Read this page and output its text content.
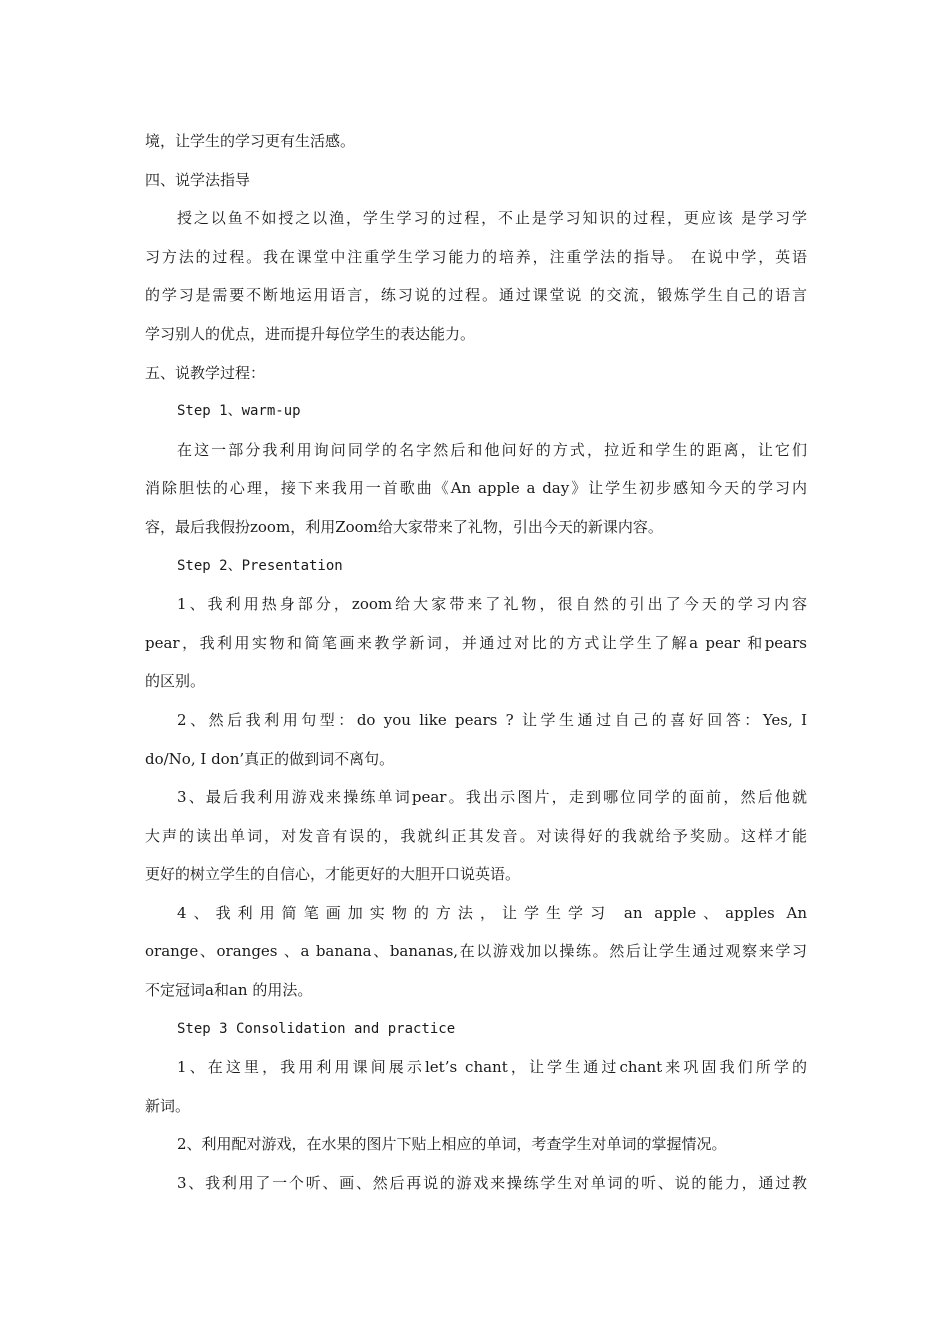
境，让学生的学习更有生活感。
四、说学法指导
授之以鱼不如授之以渔，学生学习的过程，不止是学习知识的过程，更应该 是学习学
习方法的过程。我在课堂中注重学生学习能力的培养，注重学法的指导。 在说中学，英语
的学习是需要不断地运用语言，练习说的过程。通过课堂说 的交流，锻炼学生自己的语言
学习别人的优点，进而提升每位学生的表达能力。
五、说教学过程：
Step 1、warm-up
在这一部分我利用询问同学的名字然后和他问好的方式，拉近和学生的距离，让它们
消除胆怯的心理，接下来我用一首歌曲《An apple a day》让学生初步感知今天的学习内
容，最后我假扮zoom，利用Zoom给大家带来了礼物，引出今天的新课内容。
Step 2、Presentation
1、我利用热身部分，zoom给大家带来了礼物，很自然的引出了今天的学习内容
pear，我利用实物和简笔画来教学新词，并通过对比的方式让学生了解a pear 和pears
的区别。
2、然后我利用句型：do you like pears ? 让学生通过自己的喜好回答：Yes, I
do/No, I don’真正的做到词不离句。
3、最后我利用游戏来操练单词pear。我出示图片，走到哪位同学的面前，然后他就
大声的读出单词，对发音有误的，我就纠正其发音。对读得好的我就给予奖励。这样才能
更好的树立学生的自信心，才能更好的大胆开口说英语。
4、我利用简笔画加实物的方法，让学生学习 an apple、apples An
orange、oranges 、a banana、bananas,在以游戏加以操练。然后让学生通过观察来学习
不定冠词a和an 的用法。
Step 3 Consolidation and practice
1、在这里，我用利用课间展示let’s chant，让学生通过chant来巩固我们所学的
新词。
2、利用配对游戏，在水果的图片下贴上相应的单词，考查学生对单词的掌握情况。
3、我利用了一个听、画、然后再说的游戏来操练学生对单词的听、说的能力，通过教
